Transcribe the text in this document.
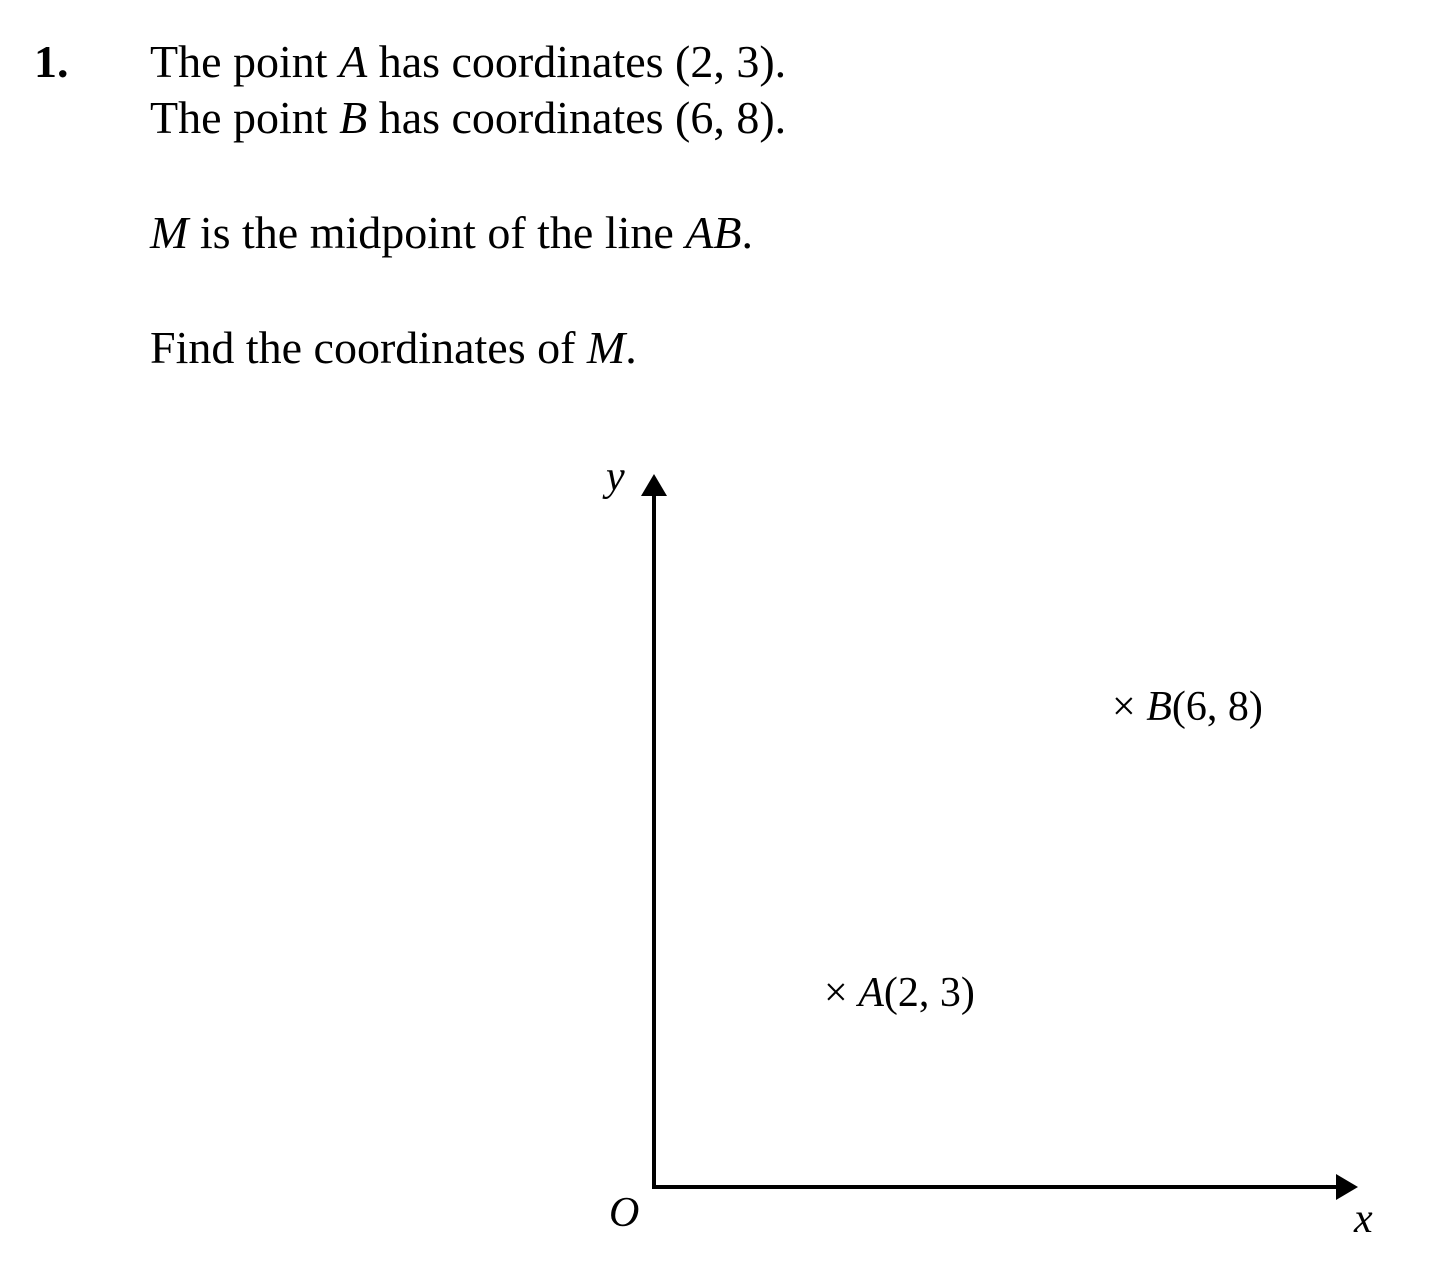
1. The point A has coordinates (2, 3).
The point B has coordinates (6, 8).
M is the midpoint of the line AB.
Find the coordinates of M.
y
x
O
× A(2, 3)
× B(6, 8)
